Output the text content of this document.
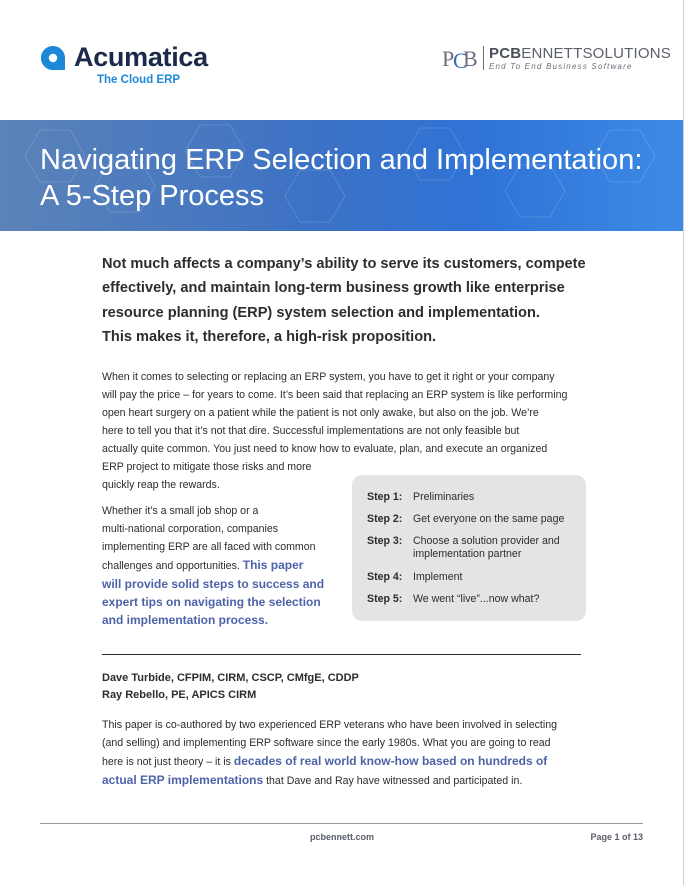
Acumatica
The Cloud ERP
P
C
B PCBENNETTSOLUTIONS
End To End Business Software
Navigating ERP Selection and Implementation:
A 5-Step Process
Not much affects a company’s ability to serve its customers, compete
effectively, and maintain long-term business growth like enterprise
resource planning (ERP) system selection and implementation.
This makes it, therefore, a high-risk proposition.
When it comes to selecting or replacing an ERP system, you have to get it right or your company
will pay the price – for years to come. It’s been said that replacing an ERP system is like performing
open heart surgery on a patient while the patient is not only awake, but also on the job. We’re
here to tell you that it’s not that dire. Successful implementations are not only feasible but
actually quite common. You just need to know how to evaluate, plan, and execute an organized
ERP project to mitigate those risks and more
quickly reap the rewards.
Whether it’s a small job shop or a
multi-national corporation, companies
implementing ERP are all faced with common
challenges and opportunities. This paper
will provide solid steps to success and
expert tips on navigating the selection
and implementation process.
Step 1:	Preliminaries
Step 2:	Get everyone on the same page
Step 3:	Choose a solution provider and implementation partner
Step 4:	Implement
Step 5:	We went “live”...now what?
Dave Turbide, CFPIM, CIRM, CSCP, CMfgE, CDDP
Ray Rebello, PE, APICS CIRM
This paper is co-authored by two experienced ERP veterans who have been involved in selecting
(and selling) and implementing ERP software since the early 1980s. What you are going to read
here is not just theory – it is decades of real world know-how based on hundreds of
actual ERP implementations that Dave and Ray have witnessed and participated in.
pcbennett.com	Page 1 of 13
